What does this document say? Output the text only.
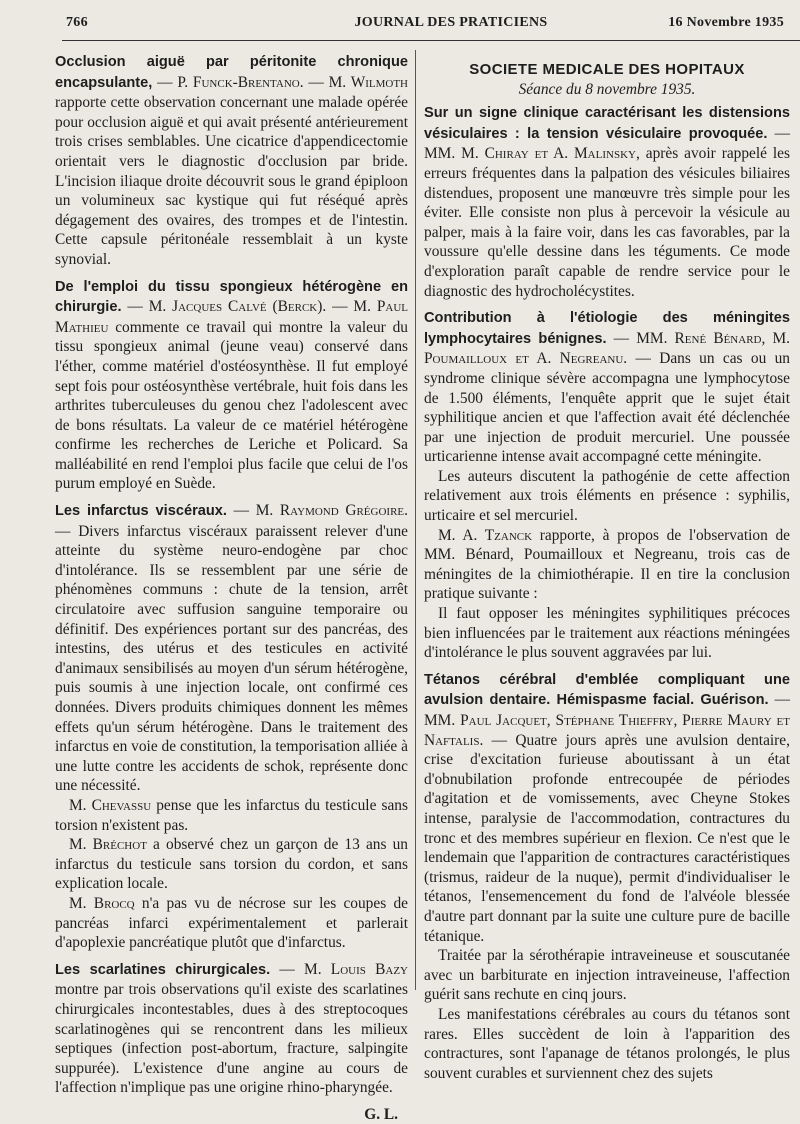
766	JOURNAL DES PRATICIENS	16 Novembre 1935

Occlusion aiguë par péritonite chronique encapsulante, — P. Funck-Brentano. — M. Wilmoth rapporte cette observation concernant une malade opérée pour occlusion aiguë et qui avait présenté antérieurement trois crises semblables. Une cicatrice d'appendicectomie orientait vers le diagnostic d'occlusion par bride. L'incision iliaque droite découvrit sous le grand épiploon un volumineux sac kystique qui fut réséqué après dégagement des ovaires, des trompes et de l'intestin. Cette capsule péritonéale ressemblait à un kyste synovial.

De l'emploi du tissu spongieux hétérogène en chirurgie. — M. Jacques Calvé (Berck). — M. Paul Mathieu commente ce travail qui montre la valeur du tissu spongieux animal (jeune veau) conservé dans l'éther, comme matériel d'ostéosynthèse. Il fut employé sept fois pour ostéosynthèse vertébrale, huit fois dans les arthrites tuberculeuses du genou chez l'adolescent avec de bons résultats. La valeur de ce matériel hétérogène confirme les recherches de Leriche et Policard. Sa malléabilité en rend l'emploi plus facile que celui de l'os purum employé en Suède.

Les infarctus viscéraux. — M. Raymond Grégoire. — Divers infarctus viscéraux paraissent relever d'une atteinte du système neuro-endogène par choc d'intolérance. Ils se ressemblent par une série de phénomènes communs : chute de la tension, arrêt circulatoire avec suffusion sanguine temporaire ou définitif. Des expériences portant sur des pancréas, des intestins, des utérus et des testicules en activité d'animaux sensibilisés au moyen d'un sérum hétérogène, puis soumis à une injection locale, ont confirmé ces données. Divers produits chimiques donnent les mêmes effets qu'un sérum hétérogène. Dans le traitement des infarctus en voie de constitution, la temporisation alliée à une lutte contre les accidents de schok, représente donc une nécessité.

M. Chevassu pense que les infarctus du testicule sans torsion n'existent pas.

M. Bréchot a observé chez un garçon de 13 ans un infarctus du testicule sans torsion du cordon, et sans explication locale.

M. Brocq n'a pas vu de nécrose sur les coupes de pancréas infarci expérimentalement et parlerait d'apoplexie pancréatique plutôt que d'infarctus.

Les scarlatines chirurgicales. — M. Louis Bazy montre par trois observations qu'il existe des scarlatines chirurgicales incontestables, dues à des streptocoques scarlatinogènes qui se rencontrent dans les milieux septiques (infection post-abortum, fracture, salpingite suppurée). L'existence d'une angine au cours de l'affection n'implique pas une origine rhino-pharyngée.

G. L.

SOCIETE MEDICALE DES HOPITAUX

Séance du 8 novembre 1935.

Sur un signe clinique caractérisant les distensions vésiculaires : la tension vésiculaire provoquée. — MM. M. Chiray et A. Malinsky, après avoir rappelé les erreurs fréquentes dans la palpation des vésicules biliaires distendues, proposent une manœuvre très simple pour les éviter. Elle consiste non plus à percevoir la vésicule au palper, mais à la faire voir, dans les cas favorables, par la voussure qu'elle dessine dans les téguments. Ce mode d'exploration paraît capable de rendre service pour le diagnostic des hydrocholécystites.

Contribution à l'étiologie des méningites lymphocytaires bénignes. — MM. René Bénard, M. Poumailloux et A. Negreanu. — Dans un cas ou un syndrome clinique sévère accompagna une lymphocytose de 1.500 éléments, l'enquête apprit que le sujet était syphilitique ancien et que l'affection avait été déclenchée par une injection de produit mercuriel. Une poussée urticarienne intense avait accompagné cette méningite.

Les auteurs discutent la pathogénie de cette affection relativement aux trois éléments en présence : syphilis, urticaire et sel mercuriel.

M. A. Tzanck rapporte, à propos de l'observation de MM. Bénard, Poumailloux et Negreanu, trois cas de méningites de la chimiothérapie. Il en tire la conclusion pratique suivante :

Il faut opposer les méningites syphilitiques précoces bien influencées par le traitement aux réactions méningées d'intolérance le plus souvent aggravées par lui.

Tétanos cérébral d'emblée compliquant une avulsion dentaire. Hémispasme facial. Guérison. — MM. Paul Jacquet, Stéphane Thieffry, Pierre Maury et Naftalis. — Quatre jours après une avulsion dentaire, crise d'excitation furieuse aboutissant à un état d'obnubilation profonde entrecoupée de périodes d'agitation et de vomissements, avec Cheyne Stokes intense, paralysie de l'accommodation, contractures du tronc et des membres supérieur en flexion. Ce n'est que le lendemain que l'apparition de contractures caractéristiques (trismus, raideur de la nuque), permit d'individualiser le tétanos, l'ensemencement du fond de l'alvéole blessée d'autre part donnant par la suite une culture pure de bacille tétanique.

Traitée par la sérothérapie intraveineuse et souscutanée avec un barbiturate en injection intraveineuse, l'affection guérit sans rechute en cinq jours.

Les manifestations cérébrales au cours du tétanos sont rares. Elles succèdent de loin à l'apparition des contractures, sont l'apanage de tétanos prolongés, le plus souvent curables et surviennent chez des sujets
